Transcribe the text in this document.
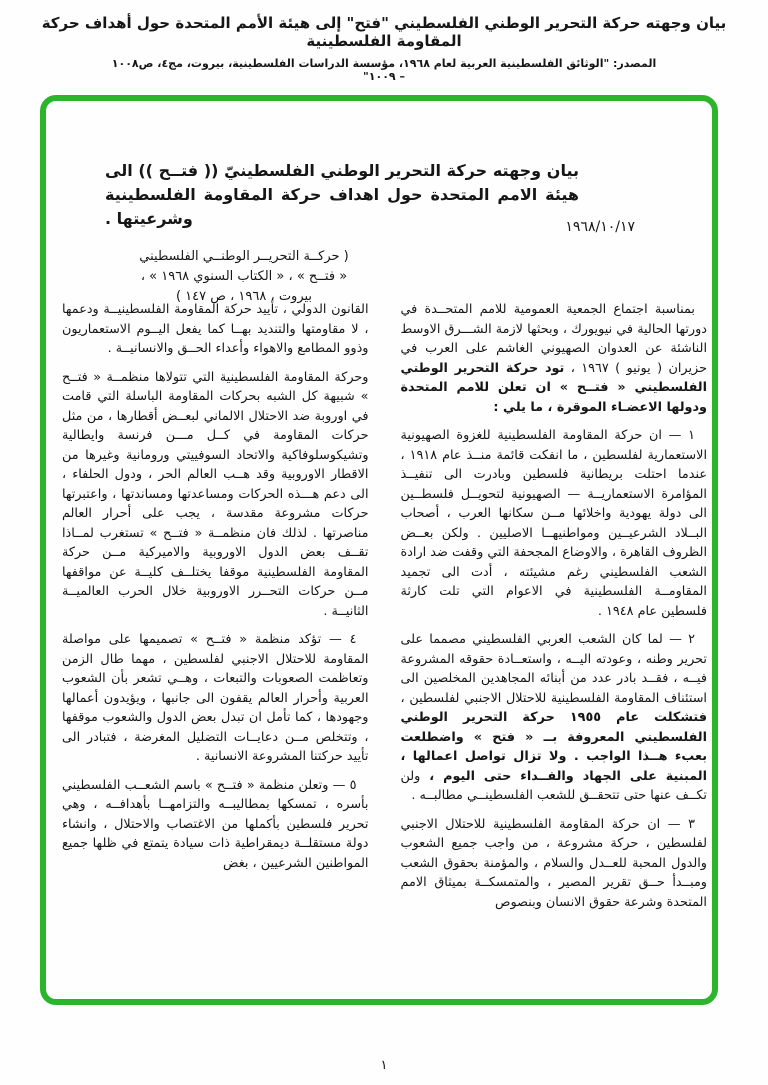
بيان وجهته حركة التحرير الوطني الفلسطيني "فتح" إلى هيئة الأمم المتحدة حول أهداف حركة المقاومة الفلسطينية
المصدر: "الوثائق الفلسطينية العربية لعام ١٩٦٨، مؤسسة الدراسات الفلسطينية، بيروت، مج٤، ص١٠٠٨ – ١٠٠٩"
بيان وجهته حركة التحرير الوطني الفلسطينيّ (( فتــح )) الى هيئة الامم المتحدة حول اهداف حركة المقاومة الفلسطينية وشرعيتها .	١٩٦٨/١٠/١٧
( حركــة التحريــر الوطنــي الفلسطيني
« فتــح » ، « الكتاب السنوي ١٩٦٨ » ،
بيروت ، ١٩٦٨ ، ص ١٤٧ )

بمناسبة اجتماع الجمعية العمومية للامم المتحــدة في دورتها الحالية في نيويورك ، وبحثها لازمة الشـــرق الاوسط الناشئة عن العدوان الصهيوني الغاشم على العرب في حزيران ( يونيو ) ١٩٦٧ ، تود حركة التحرير الوطني الفلسطيني « فتــح » ان تعلن للامم المتحدة ودولها الاعضـاء الموقرة ، ما يلي :

١ — ان حركة المقاومة الفلسطينية للغزوة الصهيونية الاستعمارية لفلسطين ، ما انفكت قائمة منــذ عام ١٩١٨ ، عندما احتلت بريطانية فلسطين وبادرت الى تنفيــذ المؤامرة الاستعماريــة — الصهيونية لتحويــل فلسطــين الى دولة يهودية واخلائها مــن سكانها العرب ، أصحاب البــلاد الشرعيــين ومواطنيهــا الاصليين . ولكن بعــض الظروف القاهرة ، والاوضاع المجحفة التي وقفت ضد ارادة الشعب الفلسطيني رغم مشيئته ، أدت الى تجميد المقاومــة الفلسطينية في الاعوام التي تلت كارثة فلسطين عام ١٩٤٨ .

٢ — لما كان الشعب العربي الفلسطيني مصمما على تحرير وطنه ، وعودته اليــه ، واستعــادة حقوقه المشروعة فيــه ، فقــد بادر عدد من أبنائه المجاهدين المخلصين الى استئناف المقاومة الفلسطينية للاحتلال الاجنبي لفلسطين ، فتشكلت عام ١٩٥٥ حركة التحرير الوطني الفلسطيني المعروفة بــ « فتح » واضطلعت بعبء هــذا الواجب . ولا تزال تواصل اعمالها ، المبنية على الجهاد والفــداء حتى اليوم ، ولن تكــف عنها حتى تتحقــق للشعب الفلسطينــي مطالبــه .

٣ — ان حركة المقاومة الفلسطينية للاحتلال الاجنبي لفلسطين ، حركة مشروعة ، من واجب جميع الشعوب والدول المحبة للعــدل والسلام ، والمؤمنة بحقوق الشعب ومبــدأ حــق تقرير المصير ، والمتمسكــة بميثاق الامم المتحدة وشرعة حقوق الانسان وبنصوص

القانون الدولي ، تأييد حركة المقاومة الفلسطينيــة ودعمها ، لا مقاومتها والتنديد بهــا كما يفعل اليــوم الاستعماريون وذوو المطامع والاهواء وأعداء الحــق والانسانيــة .

وحركة المقاومة الفلسطينية التي تتولاها منظمــة « فتــح » شبيهة كل الشبه بحركات المقاومة الباسلة التي قامت في اوروبة ضد الاحتلال الالماني لبعــض أقطارها ، من مثل حركات المقاومة في كــل مـــن فرنسة وايطالية وتشيكوسلوفاكية والاتحاد السوفييتي ورومانية وغيرها من الاقطار الاوروبية وقد هــب العالم الحر ، ودول الحلفاء ، الى دعم هـــذه الحركات ومساعدتها ومساندتها ، واعتبرتها حركات مشروعة مقدسة ، يجب على أحرار العالم مناصرتها . لذلك فان منظمــة « فتــح » تستغرب لمــاذا تقــف بعض الدول الاوروبية والاميركية مــن حركة المقاومة الفلسطينية موقفا يختلــف كليــة عن مواقفها مــن حركات التحــرر الاوروبية خلال الحرب العالميــة الثانيــة .

٤ — تؤكد منظمة « فتــح » تصميمها على مواصلة المقاومة للاحتلال الاجنبي لفلسطين ، مهما طال الزمن وتعاظمت الصعوبات والتبعات ، وهــي تشعر بأن الشعوب العربية وأحرار العالم يقفون الى جانبها ، ويؤيدون أعمالها وجهودها ، كما تأمل ان تبدل بعض الدول والشعوب موقفها ، وتتخلص مــن دعايــات التضليل المغرضة ، فتبادر الى تأييد حركتنا المشروعة الانسانية .

٥ — وتعلن منظمة « فتــح » باسم الشعــب الفلسطيني بأسره ، تمسكها بمطاليبــه والتزامهــا بأهدافــه ، وهي تحرير فلسطين بأكملها من الاغتصاب والاحتلال ، وانشاء دولة مستقلــة ديمقراطية ذات سيادة يتمتع في ظلها جميع المواطنين الشرعيين ، بغض

١
